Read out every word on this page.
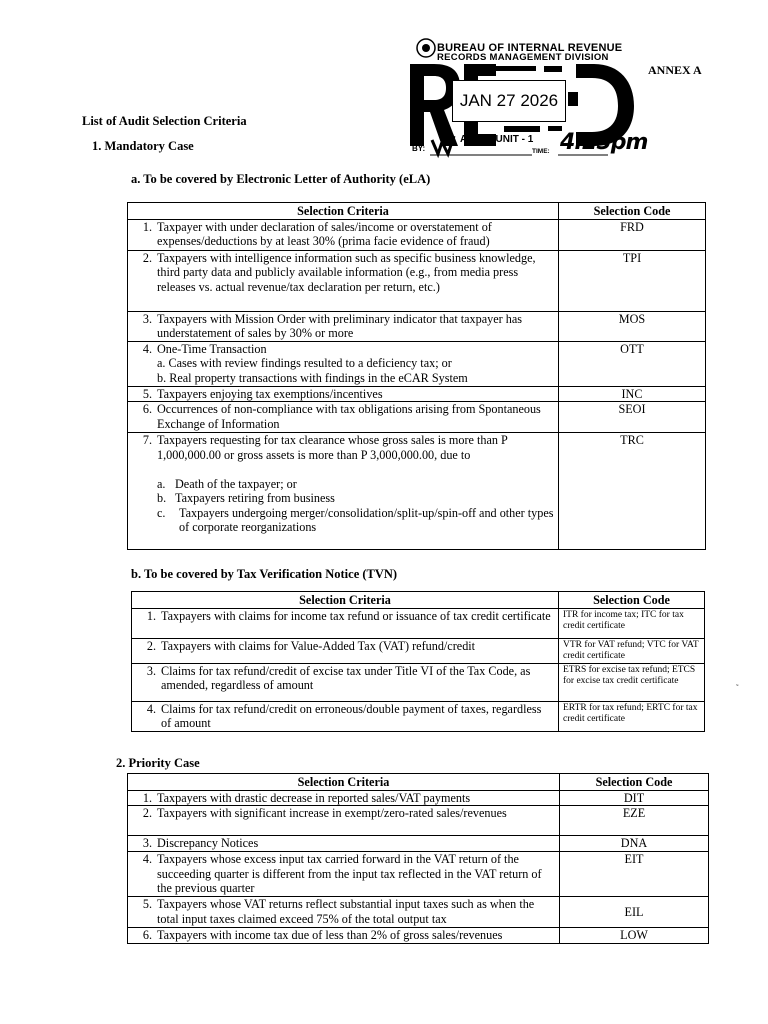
BUREAU OF INTERNAL REVENUE
RECORDS MANAGEMENT DIVISION
JAN 27 2026
ADMIN UNIT - 1
BY:	TIME: 4:25pm
ANNEX A
List of Audit Selection Criteria
1. Mandatory Case
a. To be covered by Electronic Letter of Authority (eLA)
Selection Criteria	Selection Code

1. Taxpayer with under declaration of sales/income or overstatement of expenses/deductions by at least 30% (prima facie evidence of fraud)	FRD

2. Taxpayers with intelligence information such as specific business knowledge, third party data and publicly available information (e.g., from media press releases vs. actual revenue/tax declaration per return, etc.)	TPI

3. Taxpayers with Mission Order with preliminary indicator that taxpayer has understatement of sales by 30% or more	MOS

4. One-Time Transaction
a. Cases with review findings resulted to a deficiency tax; or
b. Real property transactions with findings in the eCAR System	OTT

5. Taxpayers enjoying tax exemptions/incentives	INC

6. Occurrences of non-compliance with tax obligations arising from Spontaneous Exchange of Information	SEOI

7. Taxpayers requesting for tax clearance whose gross sales is more than P 1,000,000.00 or gross assets is more than P 3,000,000.00, due to
a. Death of the taxpayer; or
b. Taxpayers retiring from business
c. Taxpayers undergoing merger/consolidation/split-up/spin-off and other types of corporate reorganizations	TRC
b. To be covered by Tax Verification Notice (TVN)
Selection Criteria	Selection Code

1. Taxpayers with claims for income tax refund or issuance of tax credit certificate	ITR for income tax; ITC for tax credit certificate

2. Taxpayers with claims for Value-Added Tax (VAT) refund/credit	VTR for VAT refund; VTC for VAT credit certificate

3. Claims for tax refund/credit of excise tax under Title VI of the Tax Code, as amended, regardless of amount	ETRS for excise tax refund; ETCS for excise tax credit certificate

4. Claims for tax refund/credit on erroneous/double payment of taxes, regardless of amount	ERTR for tax refund; ERTC for tax credit certificate
˜
2. Priority Case
Selection Criteria	Selection Code

1. Taxpayers with drastic decrease in reported sales/VAT payments	DIT

2. Taxpayers with significant increase in exempt/zero-rated sales/revenues	EZE

3. Discrepancy Notices	DNA

4. Taxpayers whose excess input tax carried forward in the VAT return of the succeeding quarter is different from the input tax reflected in the VAT return of the previous quarter	EIT

5. Taxpayers whose VAT returns reflect substantial input taxes such as when the total input taxes claimed exceed 75% of the total output tax	EIL

6. Taxpayers with income tax due of less than 2% of gross sales/revenues	LOW
